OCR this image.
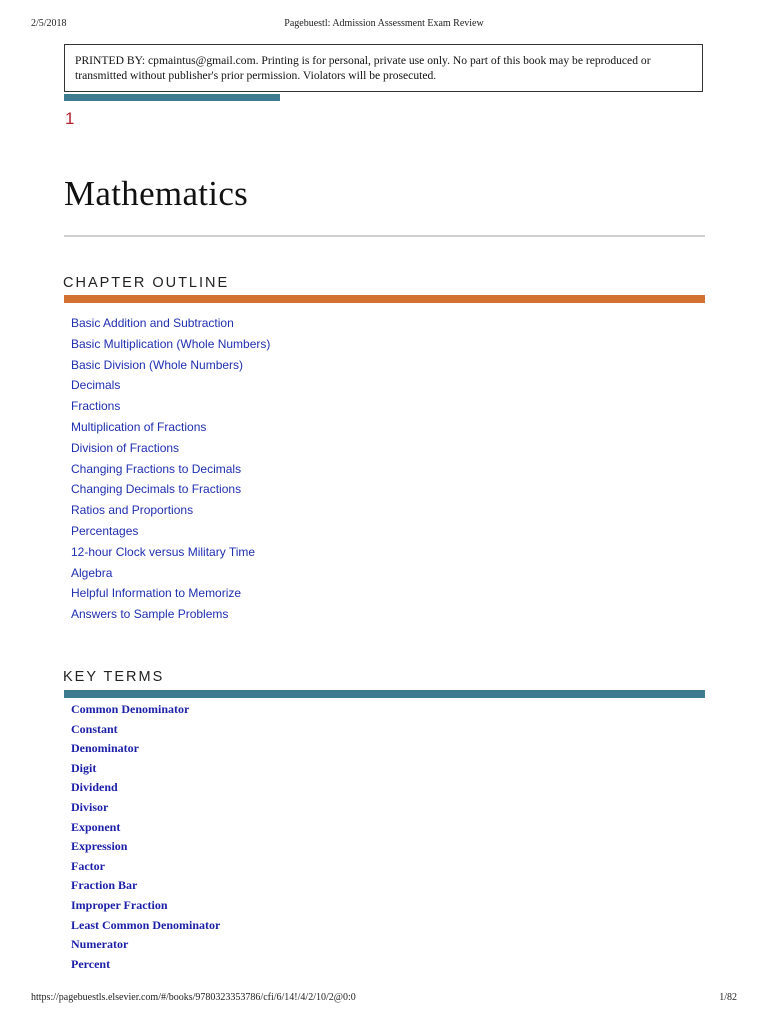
2/5/2018	Pagebuestl: Admission Assessment Exam Review
PRINTED BY: cpmaintus@gmail.com. Printing is for personal, private use only. No part of this book may be reproduced or transmitted without publisher's prior permission. Violators will be prosecuted.
1
Mathematics
CHAPTER OUTLINE
Basic Addition and Subtraction
Basic Multiplication (Whole Numbers)
Basic Division (Whole Numbers)
Decimals
Fractions
Multiplication of Fractions
Division of Fractions
Changing Fractions to Decimals
Changing Decimals to Fractions
Ratios and Proportions
Percentages
12-hour Clock versus Military Time
Algebra
Helpful Information to Memorize
Answers to Sample Problems
KEY TERMS
Common Denominator
Constant
Denominator
Digit
Dividend
Divisor
Exponent
Expression
Factor
Fraction Bar
Improper Fraction
Least Common Denominator
Numerator
Percent
https://pagebuestls.elsevier.com/#/books/9780323353786/cfi/6/14!/4/2/10/2@0:0	1/82
